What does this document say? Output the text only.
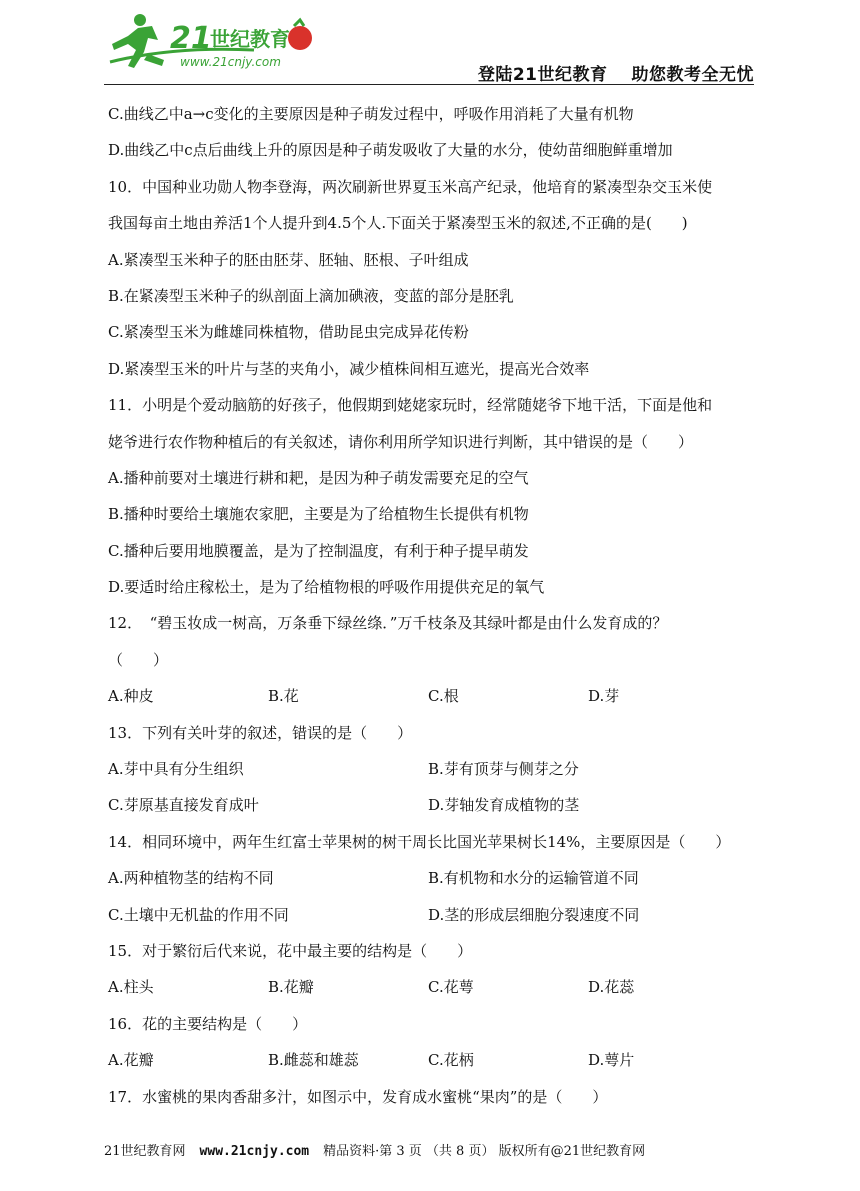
21
世纪教育
www.21cnjy.com
登陆21世纪教育 助您教考全无忧
C.曲线乙中a→c变化的主要原因是种子萌发过程中，呼吸作用消耗了大量有机物
D.曲线乙中c点后曲线上升的原因是种子萌发吸收了大量的水分，使幼苗细胞鲜重增加
10．中国种业功勋人物李登海，两次刷新世界夏玉米高产纪录，他培育的紧凑型杂交玉米使
我国每亩土地由养活1个人提升到4.5个人.下面关于紧凑型玉米的叙述,不正确的是(　　)
A.紧凑型玉米种子的胚由胚芽、胚轴、胚根、子叶组成
B.在紧凑型玉米种子的纵剖面上滴加碘液，变蓝的部分是胚乳
C.紧凑型玉米为雌雄同株植物，借助昆虫完成异花传粉
D.紧凑型玉米的叶片与茎的夹角小，减少植株间相互遮光，提高光合效率
11．小明是个爱动脑筋的好孩子，他假期到姥姥家玩时，经常随姥爷下地干活，下面是他和
姥爷进行农作物种植后的有关叙述，请你利用所学知识进行判断，其中错误的是（　　）
A.播种前要对土壤进行耕和耙，是因为种子萌发需要充足的空气
B.播种时要给土壤施农家肥，主要是为了给植物生长提供有机物
C.播种后要用地膜覆盖，是为了控制温度，有利于种子提早萌发
D.要适时给庄稼松土，是为了给植物根的呼吸作用提供充足的氧气
12．　“碧玉妆成一树高，万条垂下绿丝绦．”万千枝条及其绿叶都是由什么发育成的？
（　　）
A.种皮	B.花	C.根	D.芽
13．下列有关叶芽的叙述，错误的是（　　）
A.芽中具有分生组织	B.芽有顶芽与侧芽之分
C.芽原基直接发育成叶	D.芽轴发育成植物的茎
14．相同环境中，两年生红富士苹果树的树干周长比国光苹果树长14%，主要原因是（　　）
A.两种植物茎的结构不同	B.有机物和水分的运输管道不同
C.土壤中无机盐的作用不同	D.茎的形成层细胞分裂速度不同
15．对于繁衍后代来说，花中最主要的结构是（　　）
A.柱头	B.花瓣	C.花萼	D.花蕊
16．花的主要结构是（　　）
A.花瓣	B.雌蕊和雄蕊	C.花柄	D.萼片
17．水蜜桃的果肉香甜多汁，如图示中，发育成水蜜桃“果肉”的是（　　）
21世纪教育网 www.21cnjy.com 精品资料·第 3 页 （共 8 页） 版权所有@21世纪教育网
